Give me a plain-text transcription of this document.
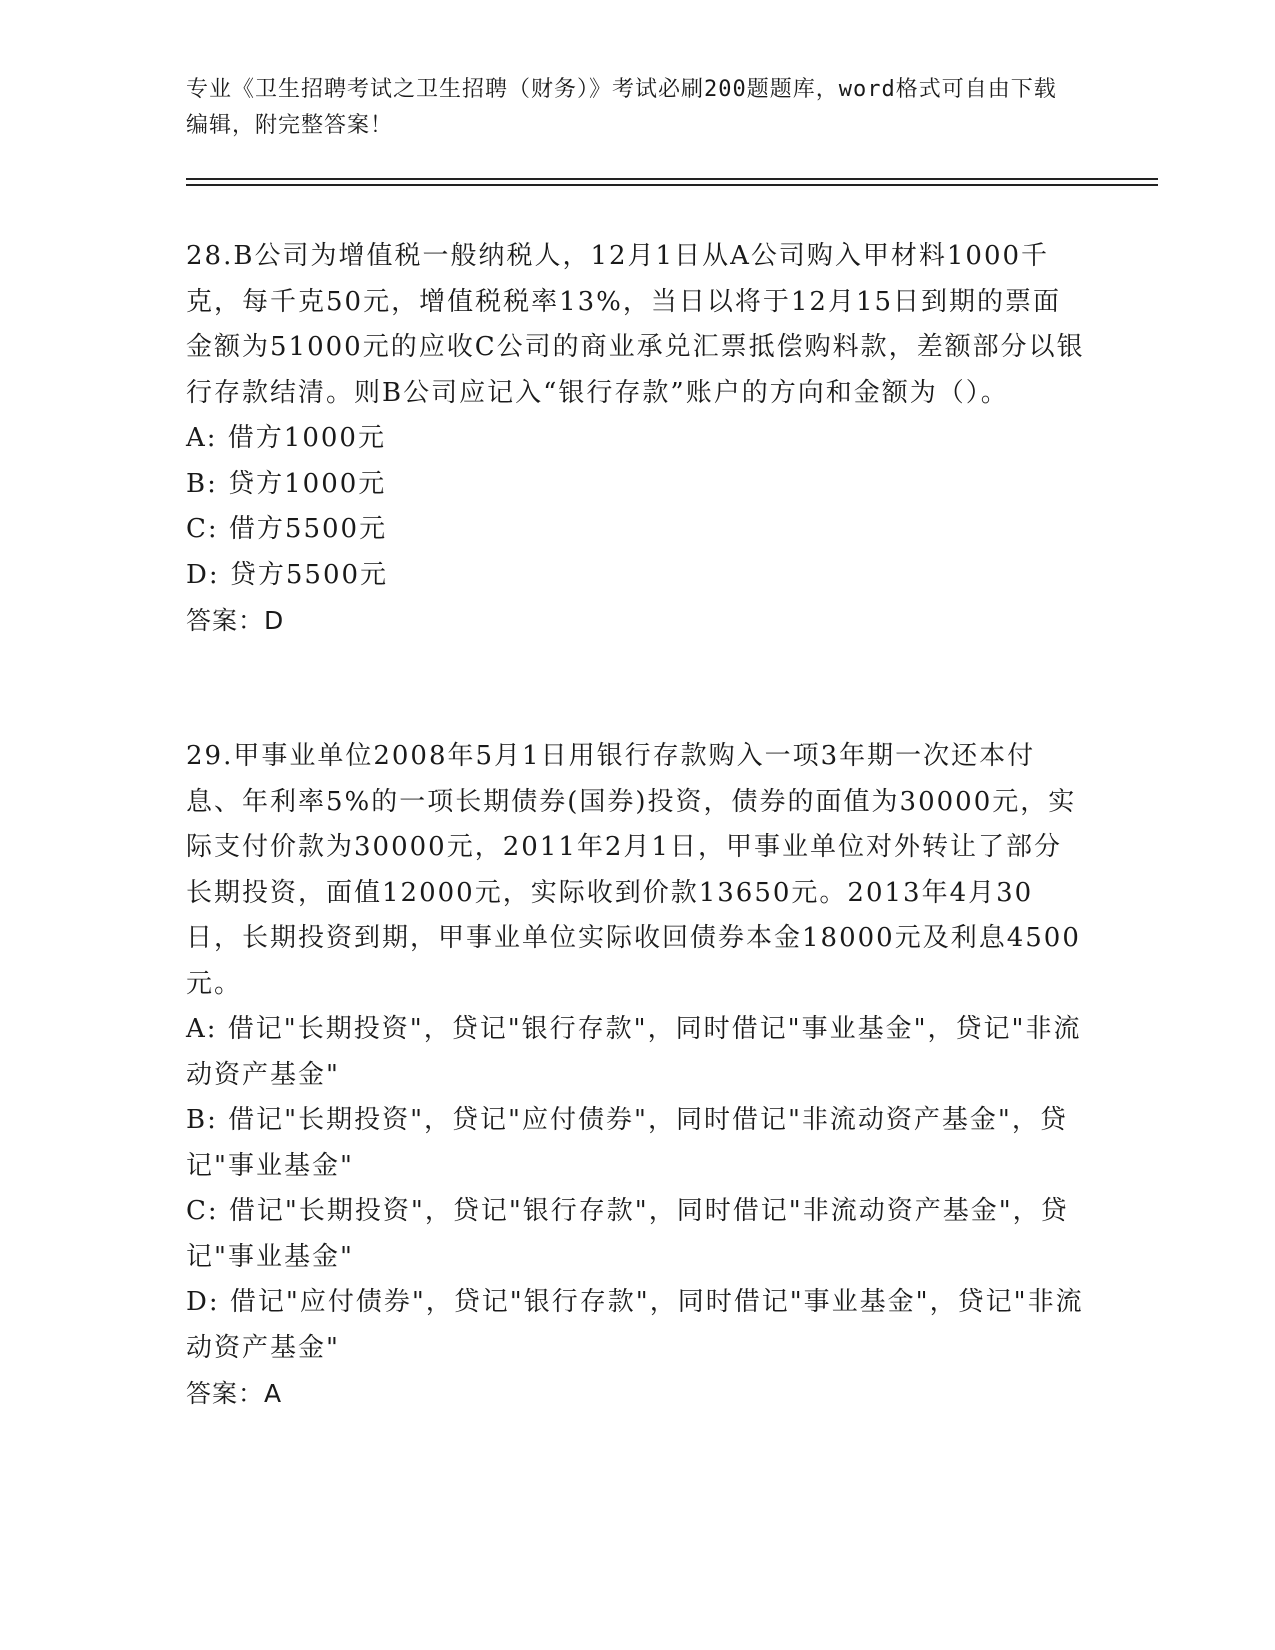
专业《卫生招聘考试之卫生招聘（财务）》考试必刷200题题库，word格式可自由下载编辑，附完整答案！

28.B公司为增值税一般纳税人，12月1日从A公司购入甲材料1000千克，每千克50元，增值税税率13%，当日以将于12月15日到期的票面金额为51000元的应收C公司的商业承兑汇票抵偿购料款，差额部分以银行存款结清。则B公司应记入“银行存款”账户的方向和金额为（）。

A: 借方1000元

B: 贷方1000元

C: 借方5500元

D: 贷方5500元

答案：D

29.甲事业单位2008年5月1日用银行存款购入一项3年期一次还本付息、年利率5%的一项长期债券(国券)投资，债券的面值为30000元，实际支付价款为30000元，2011年2月1日，甲事业单位对外转让了部分长期投资，面值12000元，实际收到价款13650元。2013年4月30日，长期投资到期，甲事业单位实际收回债券本金18000元及利息4500元。

A: 借记"长期投资"，贷记"银行存款"，同时借记"事业基金"，贷记"非流动资产基金"

B: 借记"长期投资"，贷记"应付债券"，同时借记"非流动资产基金"，贷记"事业基金"

C: 借记"长期投资"，贷记"银行存款"，同时借记"非流动资产基金"，贷记"事业基金"

D: 借记"应付债券"，贷记"银行存款"，同时借记"事业基金"，贷记"非流动资产基金"

答案：A
